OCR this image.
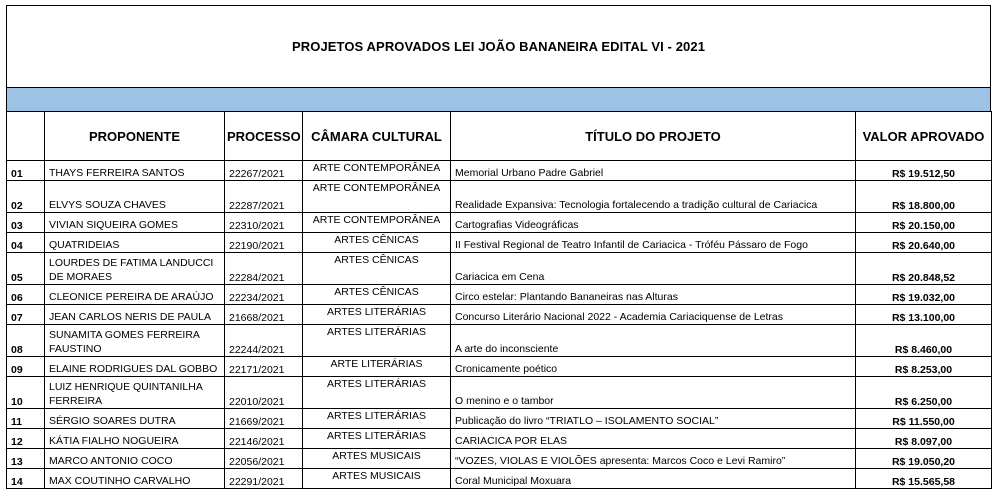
PROJETOS APROVADOS LEI JOÃO BANANEIRA EDITAL VI - 2021
	PROPONENTE	PROCESSO	CÂMARA CULTURAL	TÍTULO DO PROJETO	VALOR APROVADO
01	THAYS FERREIRA SANTOS	22267/2021	ARTE CONTEMPORÂNEA	Memorial Urbano Padre Gabriel	R$ 19.512,50
02	ELVYS SOUZA CHAVES	22287/2021	ARTE CONTEMPORÂNEA	Realidade Expansiva: Tecnologia fortalecendo a tradição cultural de Cariacica	R$ 18.800,00
03	VIVIAN SIQUEIRA GOMES	22310/2021	ARTE CONTEMPORÂNEA	Cartografias Videográficas	R$ 20.150,00
04	QUATRIDEIAS	22190/2021	ARTES CÊNICAS	II Festival Regional de Teatro Infantil de Cariacica - Tróféu Pássaro de Fogo	R$ 20.640,00
05	LOURDES DE FATIMA LANDUCCI DE MORAES	22284/2021	ARTES CÊNICAS	Cariacica em Cena	R$ 20.848,52
06	CLEONICE PEREIRA DE ARAÚJO	22234/2021	ARTES CÊNICAS	Circo estelar: Plantando Bananeiras nas Alturas	R$ 19.032,00
07	JEAN CARLOS NERIS DE PAULA	21668/2021	ARTES LITERÁRIAS	Concurso Literário Nacional 2022 - Academia Cariaciquense de Letras	R$ 13.100,00
08	SUNAMITA GOMES FERREIRA FAUSTINO	22244/2021	ARTES LITERÁRIAS	A arte do inconsciente	R$ 8.460,00
09	ELAINE RODRIGUES DAL GOBBO	22171/2021	ARTE LITERÁRIAS	Cronicamente poético	R$ 8.253,00
10	LUIZ HENRIQUE QUINTANILHA FERREIRA	22010/2021	ARTES LITERÁRIAS	O menino e o tambor	R$ 6.250,00
11	SÉRGIO SOARES DUTRA	21669/2021	ARTES LITERÁRIAS	Publicação do livro “TRIATLO – ISOLAMENTO SOCIAL”	R$ 11.550,00
12	KÁTIA FIALHO NOGUEIRA	22146/2021	ARTES LITERÁRIAS	CARIACICA POR ELAS	R$ 8.097,00
13	MARCO ANTONIO COCO	22056/2021	ARTES MUSICAIS	“VOZES, VIOLAS E VIOLÕES apresenta: Marcos Coco e Levi Ramiro”	R$ 19.050,20
14	MAX COUTINHO CARVALHO	22291/2021	ARTES MUSICAIS	Coral Municipal Moxuara	R$ 15.565,58
